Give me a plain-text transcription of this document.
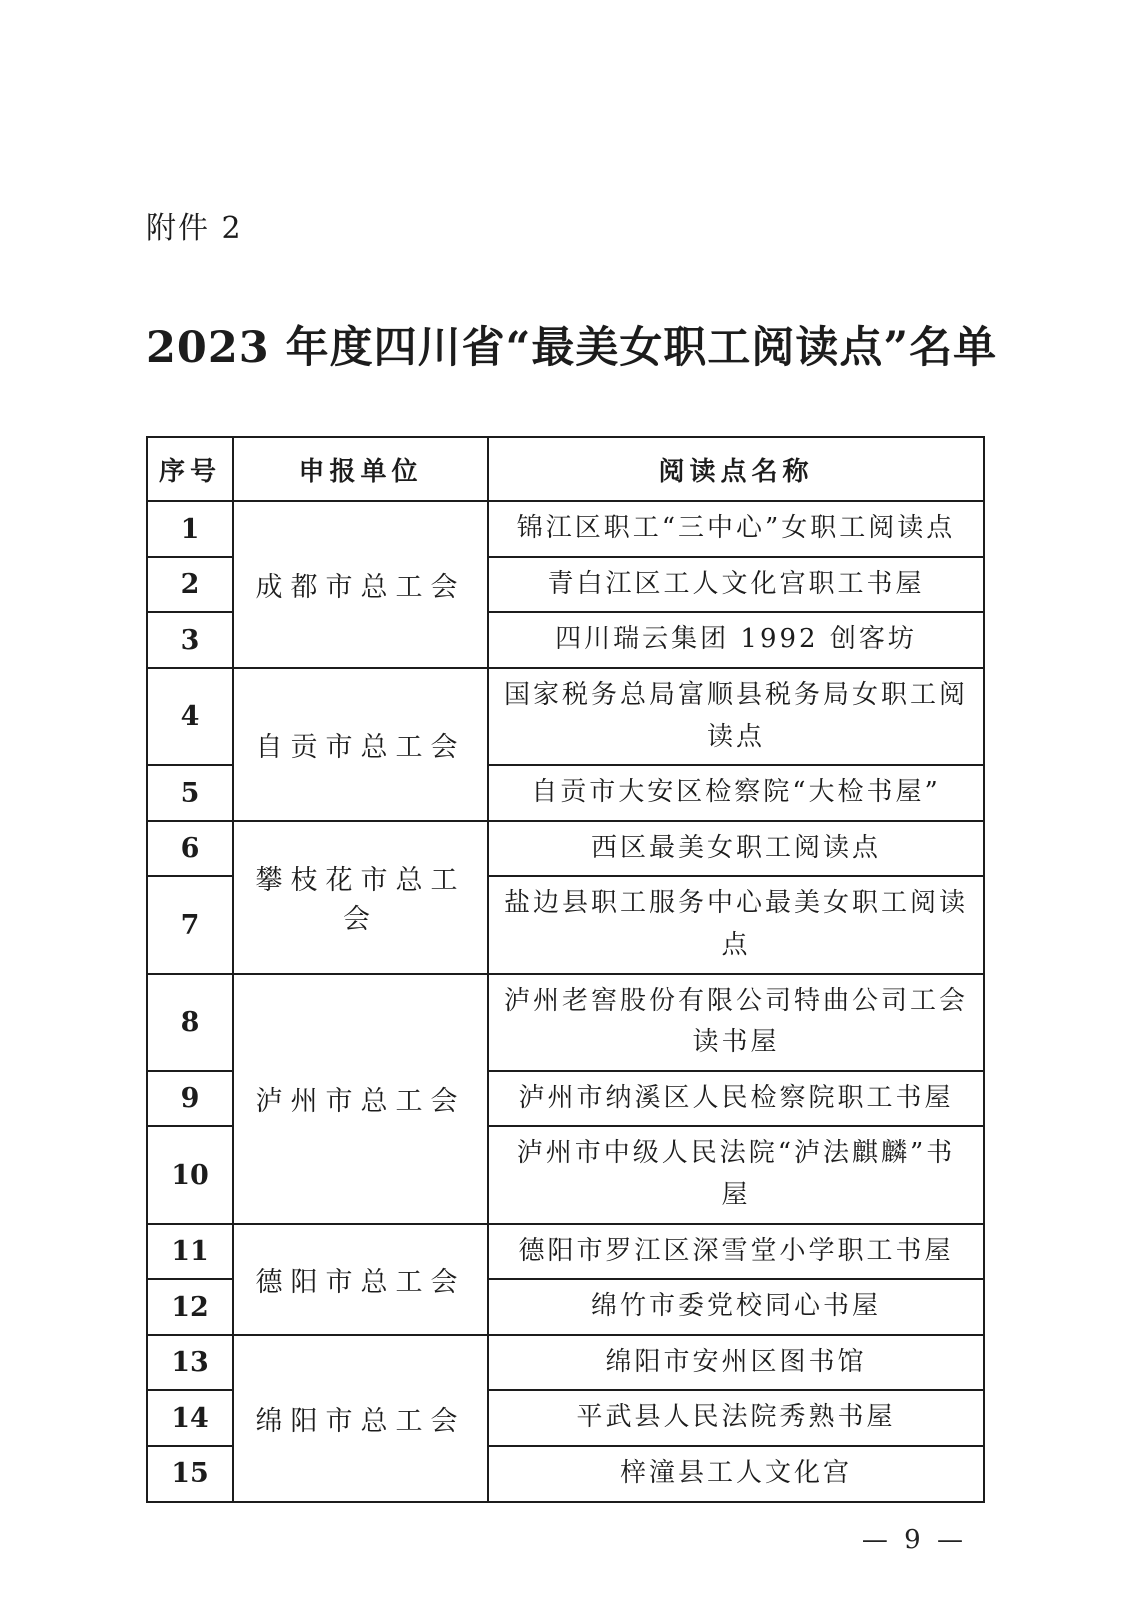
附件 2
2023 年度四川省“最美女职工阅读点”名单
序号	申报单位	阅读点名称
1	成都市总工会	锦江区职工“三中心”女职工阅读点
2		青白江区工人文化宫职工书屋
3		四川瑞云集团 1992 创客坊
4	自贡市总工会	国家税务总局富顺县税务局女职工阅读点
5		自贡市大安区检察院“大检书屋”
6	攀枝花市总工会	西区最美女职工阅读点
7		盐边县职工服务中心最美女职工阅读点
8	泸州市总工会	泸州老窖股份有限公司特曲公司工会读书屋
9		泸州市纳溪区人民检察院职工书屋
10		泸州市中级人民法院“泸法麒麟”书屋
11	德阳市总工会	德阳市罗江区深雪堂小学职工书屋
12		绵竹市委党校同心书屋
13	绵阳市总工会	绵阳市安州区图书馆
14		平武县人民法院秀熟书屋
15		梓潼县工人文化宫
— 9 —
